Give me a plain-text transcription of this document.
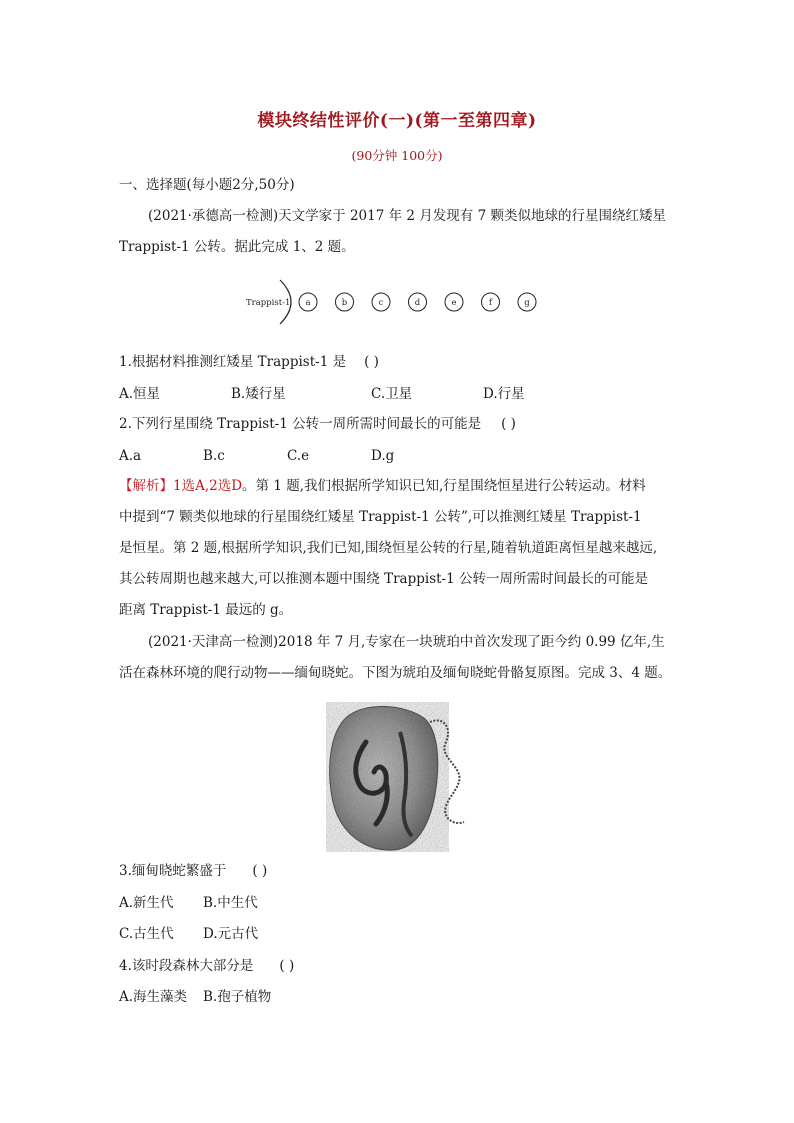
模块终结性评价(一)(第一至第四章)
(90分钟 100分)
一、选择题(每小题2分,50分)
(2021·承德高一检测)天文学家于 2017 年 2 月发现有 7 颗类似地球的行星围绕红矮星
Trappist-1 公转。据此完成 1、2 题。
Trappist-1 a	b	c	d	e	f	g
1.根据材料推测红矮星 Trappist-1 是 ( )
A.恒星	B.矮行星	C.卫星	D.行星
2.下列行星围绕 Trappist-1 公转一周所需时间最长的可能是 ( )
A.a	B.c	C.e	D.g
【解析】1选A,2选D。第 1 题,我们根据所学知识已知,行星围绕恒星进行公转运动。材料
中提到“7 颗类似地球的行星围绕红矮星 Trappist-1 公转”,可以推测红矮星 Trappist-1
是恒星。第 2 题,根据所学知识,我们已知,围绕恒星公转的行星,随着轨道距离恒星越来越远,
其公转周期也越来越大,可以推测本题中围绕 Trappist-1 公转一周所需时间最长的可能是
距离 Trappist-1 最远的 g。
(2021·天津高一检测)2018 年 7 月,专家在一块琥珀中首次发现了距今约 0.99 亿年,生
活在森林环境的爬行动物——缅甸晓蛇。下图为琥珀及缅甸晓蛇骨骼复原图。完成 3、4 题。
3.缅甸晓蛇繁盛于 ( )
A.新生代 B.中生代
C.古生代 D.元古代
4.该时段森林大部分是 ( )
A.海生藻类 B.孢子植物
